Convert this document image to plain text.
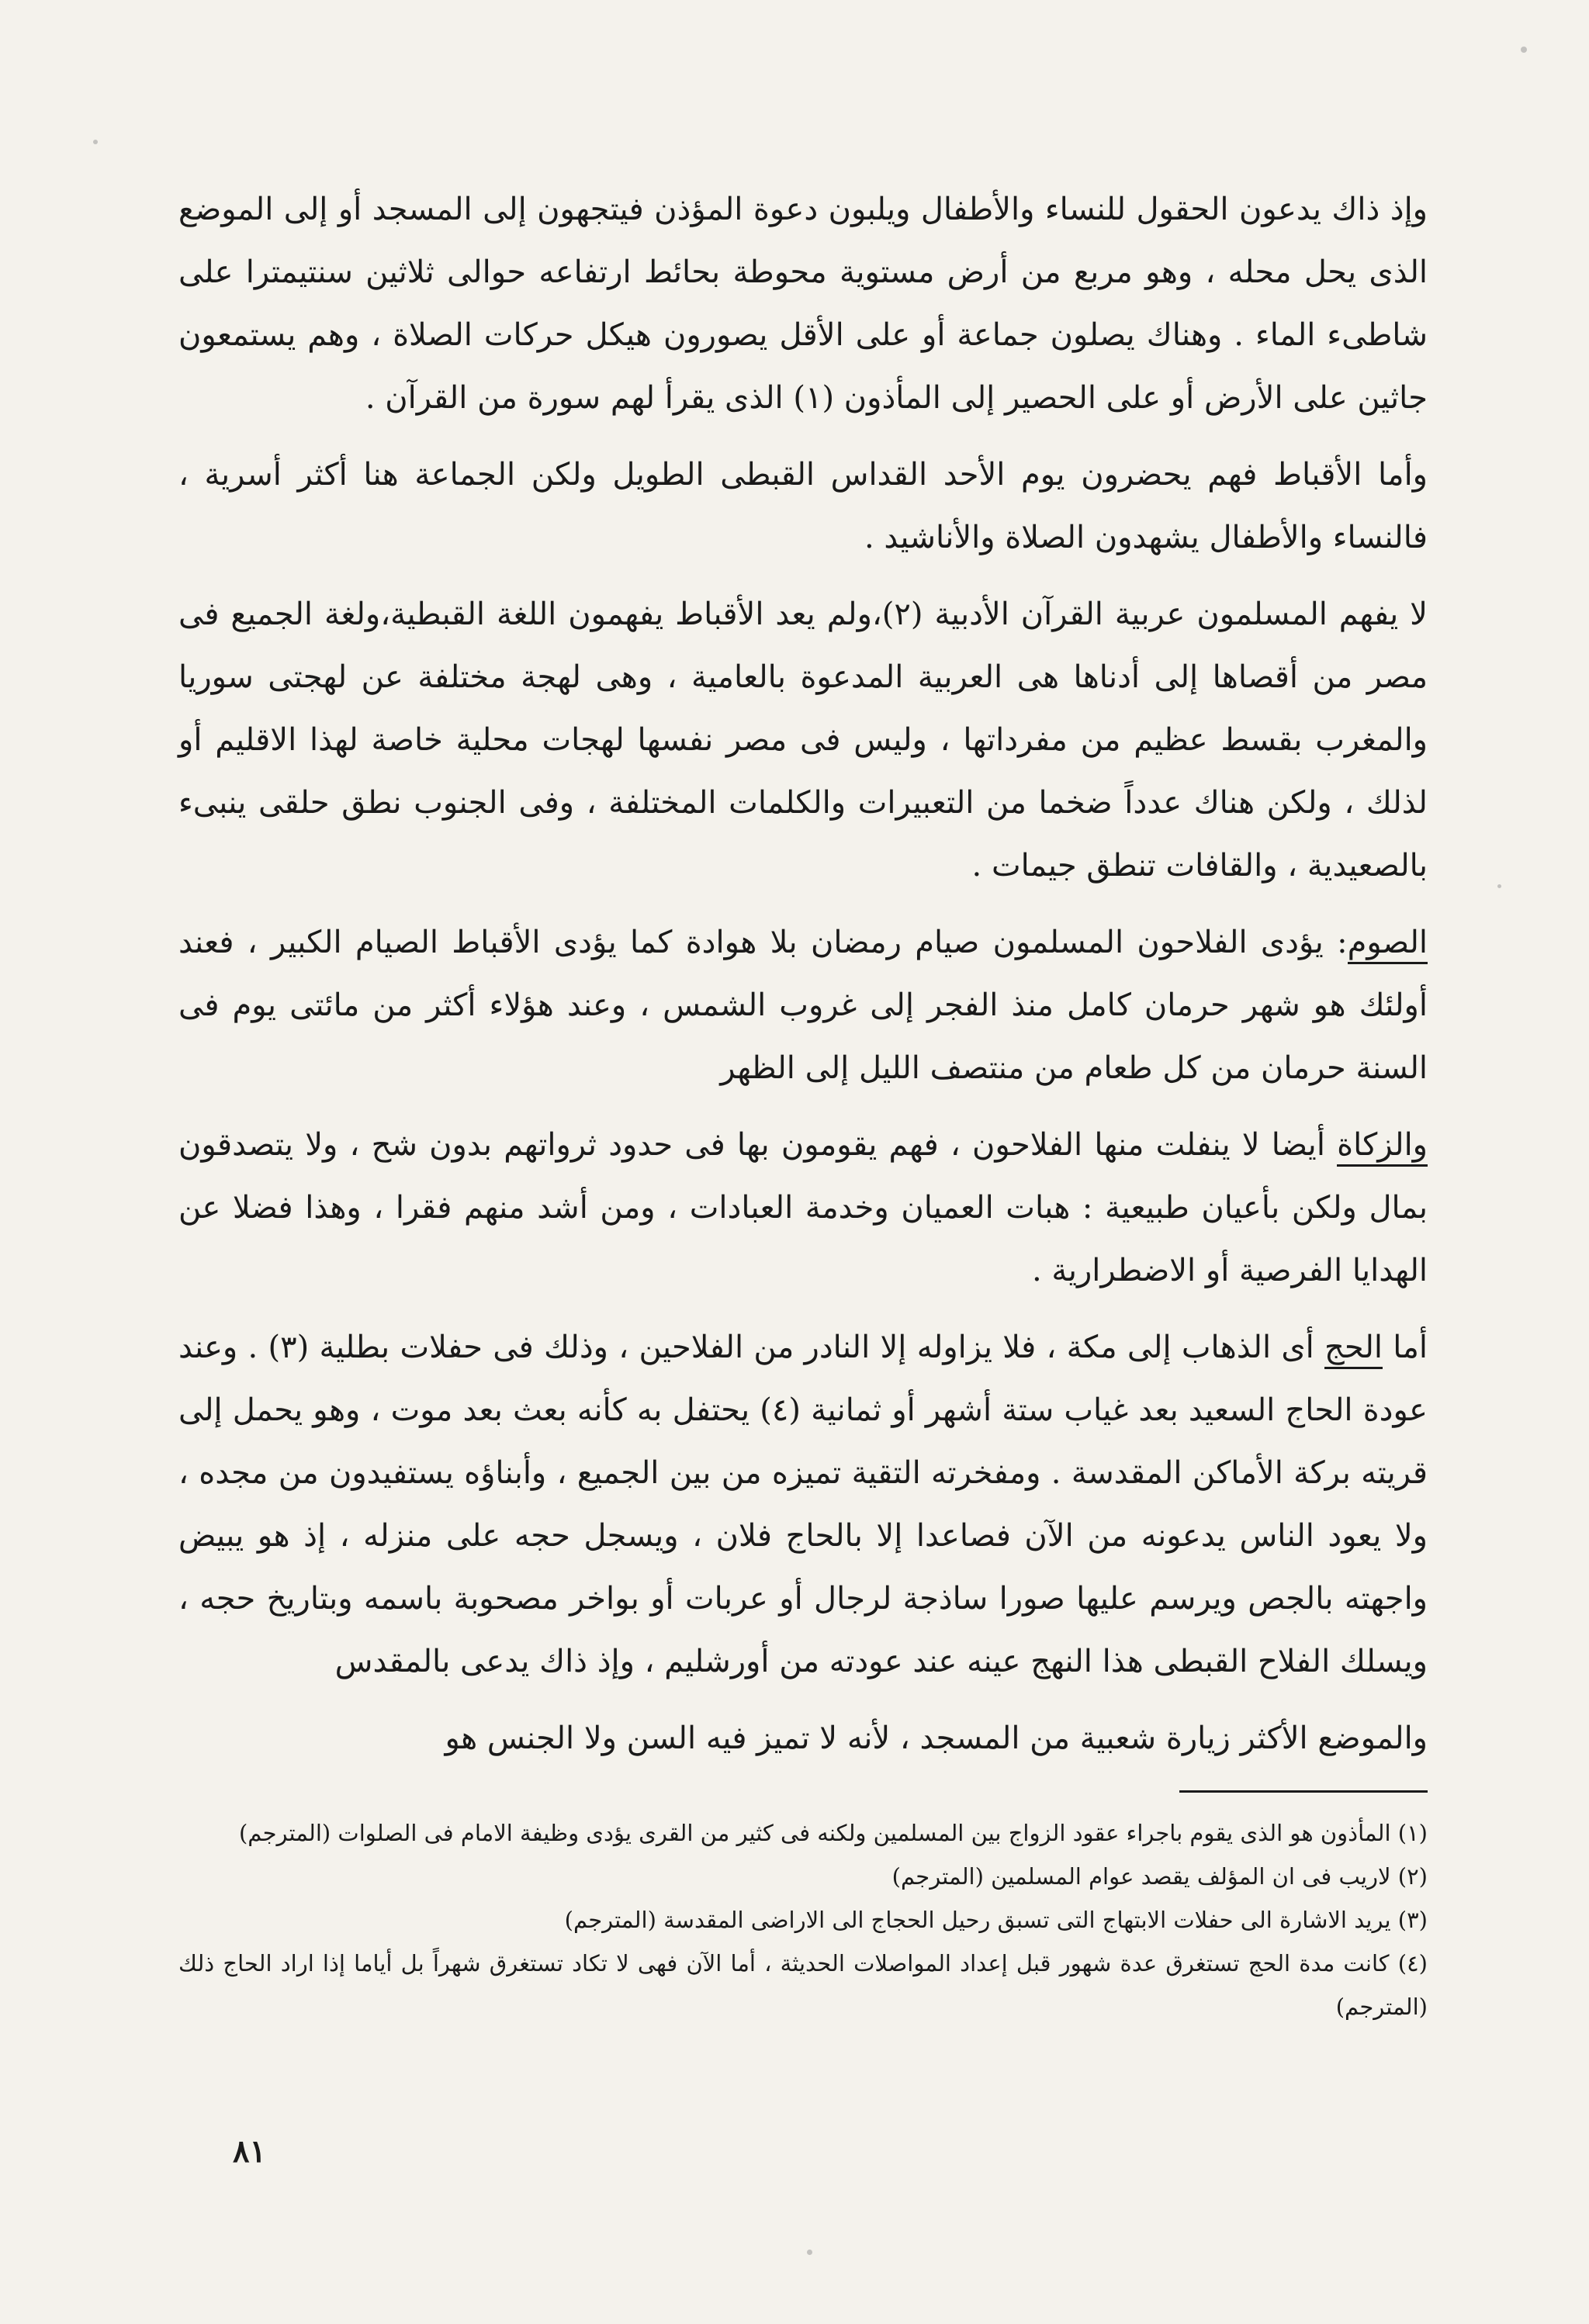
وإذ ذاك يدعون الحقول للنساء والأطفال ويلبون دعوة المؤذن فيتجهون إلى المسجد أو إلى الموضع الذى يحل محله ، وهو مربع من أرض مستوية محوطة بحائط ارتفاعه حوالى ثلاثين سنتيمترا على شاطىء الماء . وهناك يصلون جماعة أو على الأقل يصورون هيكل حركات الصلاة ، وهم يستمعون جاثين على الأرض أو على الحصير إلى المأذون (١) الذى يقرأ لهم سورة من القرآن .

وأما الأقباط فهم يحضرون يوم الأحد القداس القبطى الطويل ولكن الجماعة هنا أكثر أسرية ، فالنساء والأطفال يشهدون الصلاة والأناشيد .

لا يفهم المسلمون عربية القرآن الأدبية (٢)،ولم يعد الأقباط يفهمون اللغة القبطية،ولغة الجميع فى مصر من أقصاها إلى أدناها هى العربية المدعوة بالعامية ، وهى لهجة مختلفة عن لهجتى سوريا والمغرب بقسط عظيم من مفرداتها ، وليس فى مصر نفسها لهجات محلية خاصة لهذا الاقليم أو لذلك ، ولكن هناك عدداً ضخما من التعبيرات والكلمات المختلفة ، وفى الجنوب نطق حلقى ينبىء بالصعيدية ، والقافات تنطق جيمات .

الصوم: يؤدى الفلاحون المسلمون صيام رمضان بلا هوادة كما يؤدى الأقباط الصيام الكبير ، فعند أولئك هو شهر حرمان كامل منذ الفجر إلى غروب الشمس ، وعند هؤلاء أكثر من مائتى يوم فى السنة حرمان من كل طعام من منتصف الليل إلى الظهر

والزكاة أيضا لا ينفلت منها الفلاحون ، فهم يقومون بها فى حدود ثرواتهم بدون شح ، ولا يتصدقون بمال ولكن بأعيان طبيعية : هبات العميان وخدمة العبادات ، ومن أشد منهم فقرا ، وهذا فضلا عن الهدايا الفرصية أو الاضطرارية .

أما الحج أى الذهاب إلى مكة ، فلا يزاوله إلا النادر من الفلاحين ، وذلك فى حفلات بطلية (٣) . وعند عودة الحاج السعيد بعد غياب ستة أشهر أو ثمانية (٤) يحتفل به كأنه بعث بعد موت ، وهو يحمل إلى قريته بركة الأماكن المقدسة . ومفخرته التقية تميزه من بين الجميع ، وأبناؤه يستفيدون من مجده ، ولا يعود الناس يدعونه من الآن فصاعدا إلا بالحاج فلان ، ويسجل حجه على منزله ، إذ هو يبيض واجهته بالجص ويرسم عليها صورا ساذجة لرجال أو عربات أو بواخر مصحوبة باسمه وبتاريخ حجه ، ويسلك الفلاح القبطى هذا النهج عينه عند عودته من أورشليم ، وإذ ذاك يدعى بالمقدس

والموضع الأكثر زيارة شعبية من المسجد ، لأنه لا تميز فيه السن ولا الجنس هو

(١) المأذون هو الذى يقوم باجراء عقود الزواج بين المسلمين ولكنه فى كثير من القرى يؤدى وظيفة الامام فى الصلوات (المترجم)

(٢) لاريب فى ان المؤلف يقصد عوام المسلمين (المترجم)

(٣) يريد الاشارة الى حفلات الابتهاج التى تسبق رحيل الحجاج الى الاراضى المقدسة (المترجم)

(٤) كانت مدة الحج تستغرق عدة شهور قبل إعداد المواصلات الحديثة ، أما الآن فهى لا تكاد تستغرق شهراً بل أياما إذا اراد الحاج ذلك (المترجم)

٨١
